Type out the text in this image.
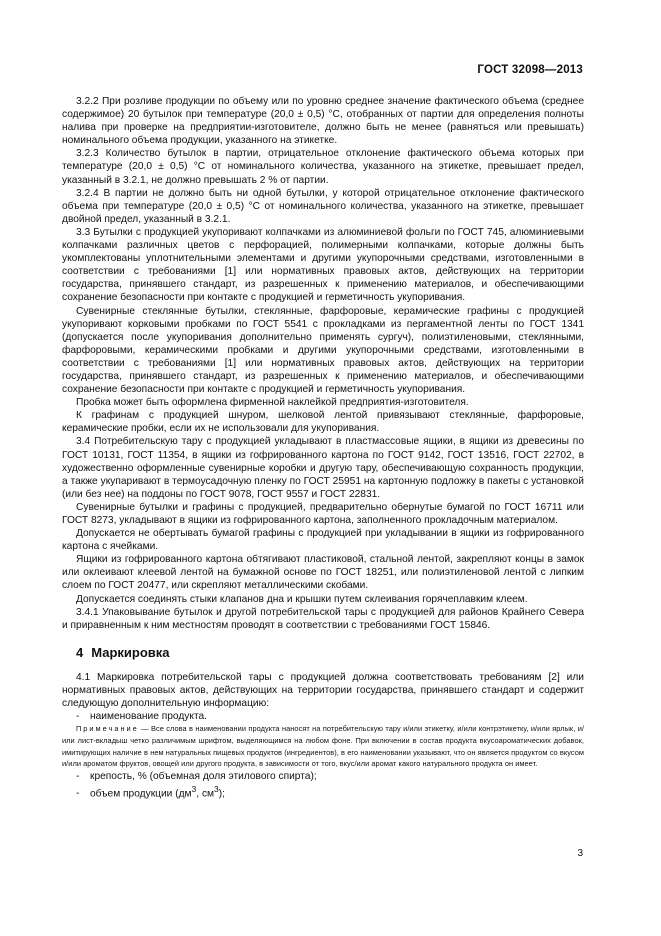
ГОСТ 32098—2013

3.2.2 При розливе продукции по объему или по уровню среднее значение фактического объема (среднее содержимое) 20 бутылок при температуре (20,0 ± 0,5) °С, отобранных от партии для определения полноты налива при проверке на предприятии-изготовителе, должно быть не менее (равняться или превышать) номинального объема продукции, указанного на этикетке.

3.2.3 Количество бутылок в партии, отрицательное отклонение фактического объема которых при температуре (20,0 ± 0,5) °С от номинального количества, указанного на этикетке, превышает предел, указанный в 3.2.1, не должно превышать 2 % от партии.

3.2.4 В партии не должно быть ни одной бутылки, у которой отрицательное отклонение фактического объема при температуре (20,0 ± 0,5) °С от номинального количества, указанного на этикетке, превышает двойной предел, указанный в 3.2.1.

3.3 Бутылки с продукцией укупоривают колпачками из алюминиевой фольги по ГОСТ 745, алюминиевыми колпачками различных цветов с перфорацией, полимерными колпачками, которые должны быть укомплектованы уплотнительными элементами и другими укупорочными средствами, изготовленными в соответствии с требованиями [1] или нормативных правовых актов, действующих на территории государства, принявшего стандарт, из разрешенных к применению материалов, и обеспечивающими сохранение безопасности при контакте с продукцией и герметичность укупоривания.

Сувенирные стеклянные бутылки, стеклянные, фарфоровые, керамические графины с продукцией укупоривают корковыми пробками по ГОСТ 5541 с прокладками из пергаментной ленты по ГОСТ 1341 (допускается после укупоривания дополнительно применять сургуч), полиэтиленовыми, стеклянными, фарфоровыми, керамическими пробками и другими укупорочными средствами, изготовленными в соответствии с требованиями [1] или нормативных правовых актов, действующих на территории государства, принявшего стандарт, из разрешенных к применению материалов, и обеспечивающими сохранение безопасности при контакте с продукцией и герметичность укупоривания.

Пробка может быть оформлена фирменной наклейкой предприятия-изготовителя.

К графинам с продукцией шнуром, шелковой лентой привязывают стеклянные, фарфоровые, керамические пробки, если их не использовали для укупоривания.

3.4 Потребительскую тару с продукцией укладывают в пластмассовые ящики, в ящики из древесины по ГОСТ 10131, ГОСТ 11354, в ящики из гофрированного картона по ГОСТ 9142, ГОСТ 13516, ГОСТ 22702, в художественно оформленные сувенирные коробки и другую тару, обеспечивающую сохранность продукции, а также укупаривают в термоусадочную пленку по ГОСТ 25951 на картонную подложку в пакеты с установкой (или без нее) на поддоны по ГОСТ 9078, ГОСТ 9557 и ГОСТ 22831.

Сувенирные бутылки и графины с продукцией, предварительно обернутые бумагой по ГОСТ 16711 или ГОСТ 8273, укладывают в ящики из гофрированного картона, заполненного прокладочным материалом.

Допускается не обертывать бумагой графины с продукцией при укладывании в ящики из гофрированного картона с ячейками.

Ящики из гофрированного картона обтягивают пластиковой, стальной лентой, закрепляют концы в замок или оклеивают клеевой лентой на бумажной основе по ГОСТ 18251, или полиэтиленовой лентой с липким слоем по ГОСТ 20477, или скрепляют металлическими скобами.

Допускается соединять стыки клапанов дна и крышки путем склеивания горячеплавким клеем.

3.4.1 Упаковывание бутылок и другой потребительской тары с продукцией для районов Крайнего Севера и приравненным к ним местностям проводят в соответствии с требованиями ГОСТ 15846.

4 Маркировка

4.1 Маркировка потребительской тары с продукцией должна соответствовать требованиям [2] или нормативных правовых актов, действующих на территории государства, принявшего стандарт и содержит следующую дополнительную информацию:

- наименование продукта.

Примечание — Все слова в наименовании продукта наносят на потребительскую тару и/или этикетку, и/или контрэтикетку, и/или ярлык, и/или лист-вкладыш четко различимым шрифтом, выделяющимся на любом фоне. При включении в состав продукта вкусоароматических добавок, имитирующих наличие в нем натуральных пищевых продуктов (ингредиентов), в его наименовании указывают, что он является продуктом со вкусом и/или ароматом фруктов, овощей или другого продукта, в зависимости от того, вкус/или аромат какого натурального продукта он имеет.

- крепость, % (объемная доля этилового спирта);

- объем продукции ($дм^3$, $см^3$);

3
